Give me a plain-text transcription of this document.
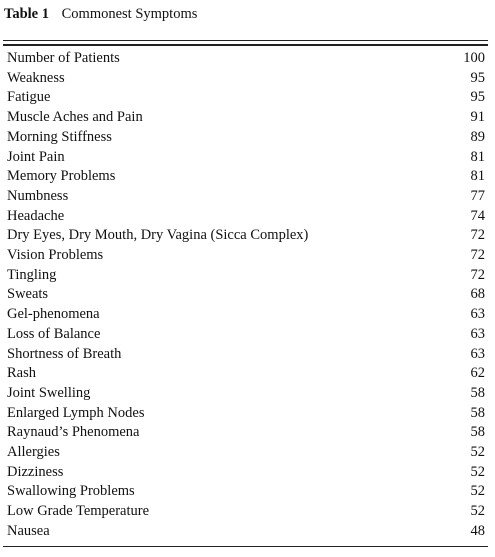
Table 1 Commonest Symptoms
Number of Patients	100
Weakness	95
Fatigue	95
Muscle Aches and Pain	91
Morning Stiffness	89
Joint Pain	81
Memory Problems	81
Numbness	77
Headache	74
Dry Eyes, Dry Mouth, Dry Vagina (Sicca Complex)	72
Vision Problems	72
Tingling	72
Sweats	68
Gel-phenomena	63
Loss of Balance	63
Shortness of Breath	63
Rash	62
Joint Swelling	58
Enlarged Lymph Nodes	58
Raynaud’s Phenomena	58
Allergies	52
Dizziness	52
Swallowing Problems	52
Low Grade Temperature	52
Nausea	48
